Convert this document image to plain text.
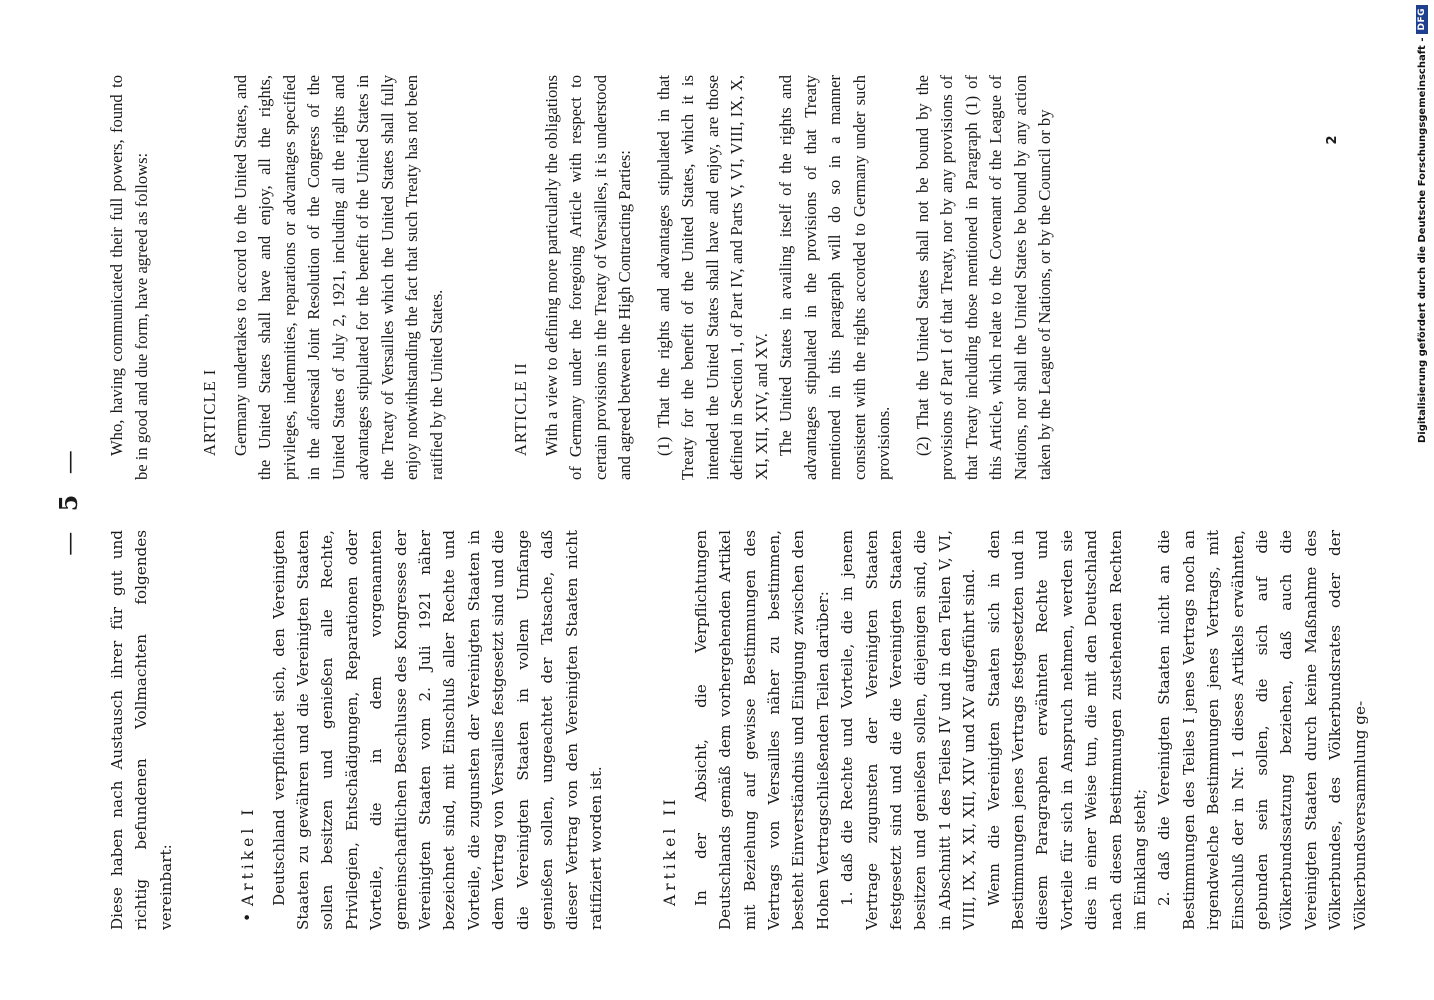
— 5 —

Diese haben nach Austausch ihrer für gut und richtig befundenen Vollmachten folgendes vereinbart:	•Artikel I Deutschland verpflichtet sich, den Vereinigten Staaten zu gewähren und die Vereinigten Staaten sollen besitzen und genießen alle Rechte, Privilegien, Entschädigungen, Reparationen oder Vorteile, die in dem vorgenannten gemeinschaftlichen Beschlusse des Kongresses der Vereinigten Staaten vom 2. Juli 1921 näher bezeichnet sind, mit Einschluß aller Rechte und Vorteile, die zugunsten der Vereinigten Staaten in dem Vertrag von Versailles festgesetzt sind und die die Vereinigten Staaten in vollem Umfange genießen sollen, ungeachtet der Tatsache, daß dieser Vertrag von den Vereinigten Staaten nicht ratifiziert worden ist.	Artikel II In der Absicht, die Verpflichtungen Deutschlands gemäß dem vorhergehenden Artikel mit Beziehung auf gewisse Bestimmungen des Vertrags von Versailles näher zu bestimmen, besteht Einverständnis und Einigung zwischen den Hohen Vertragschließenden Teilen darüber: 1. daß die Rechte und Vorteile, die in jenem Vertrage zugunsten der Vereinigten Staaten festgesetzt sind und die die Vereinigten Staaten besitzen und genießen sollen, diejenigen sind, die in Abschnitt 1 des Teiles IV und in den Teilen V, VI, VIII, IX, X, XI, XII, XIV und XV aufgeführt sind. Wenn die Vereinigten Staaten sich in den Bestimmungen jenes Vertrags festgesetzten und in diesem Paragraphen erwähnten Rechte und Vorteile für sich in Anspruch nehmen, werden sie dies in einer Weise tun, die mit den Deutschland nach diesen Bestimmungen zustehenden Rechten im Einklang steht; 2. daß die Vereinigten Staaten nicht an die Bestimmungen des Teiles I jenes Vertrags noch an irgendwelche Bestimmungen jenes Vertrags, mit Einschluß der in Nr. 1 dieses Artikels erwähnten, gebunden sein sollen, die sich auf die Völkerbundssatzung beziehen, daß auch die Vereinigten Staaten durch keine Maßnahme des Völkerbundes, des Völkerbundsrates oder der Völkerbundsversammlung ge-

Who, having communicated their full powers, found to be in good and due form, have agreed as follows:	ARTICLE I Germany undertakes to accord to the United States, and the United States shall have and enjoy, all the rights, privileges, indemnities, reparations or advantages specified in the aforesaid Joint Resolution of the Congress of the United States of July 2, 1921, including all the rights and advantages stipulated for the benefit of the United States in the Treaty of Versailles which the United States shall fully enjoy notwithstanding the fact that such Treaty has not been ratified by the United States.	ARTICLE II With a view to defining more particularly the obligations of Germany under the foregoing Article with respect to certain provisions in the Treaty of Versailles, it is understood and agreed between the High Contracting Parties: (1) That the rights and advantages stipulated in that Treaty for the benefit of the United States, which it is intended the United States shall have and enjoy, are those defined in Section 1, of Part IV, and Parts V, VI, VIII, IX, X, XI, XII, XIV, and XV. The United States in availing itself of the rights and advantages stipulated in the provisions of that Treaty mentioned in this paragraph will do so in a manner consistent with the rights accorded to Germany under such provisions. (2) That the United States shall not be bound by the provisions of Part I of that Treaty, nor by any provisions of that Treaty including those mentioned in Paragraph (1) of this Article, which relate to the Covenant of the League of Nations, nor shall the United States be bound by any action taken by the League of Nations, or by the Council or by	2	Digitalisierung gefördert durch die Deutsche Forschungsgemeinschaft -
DFG
